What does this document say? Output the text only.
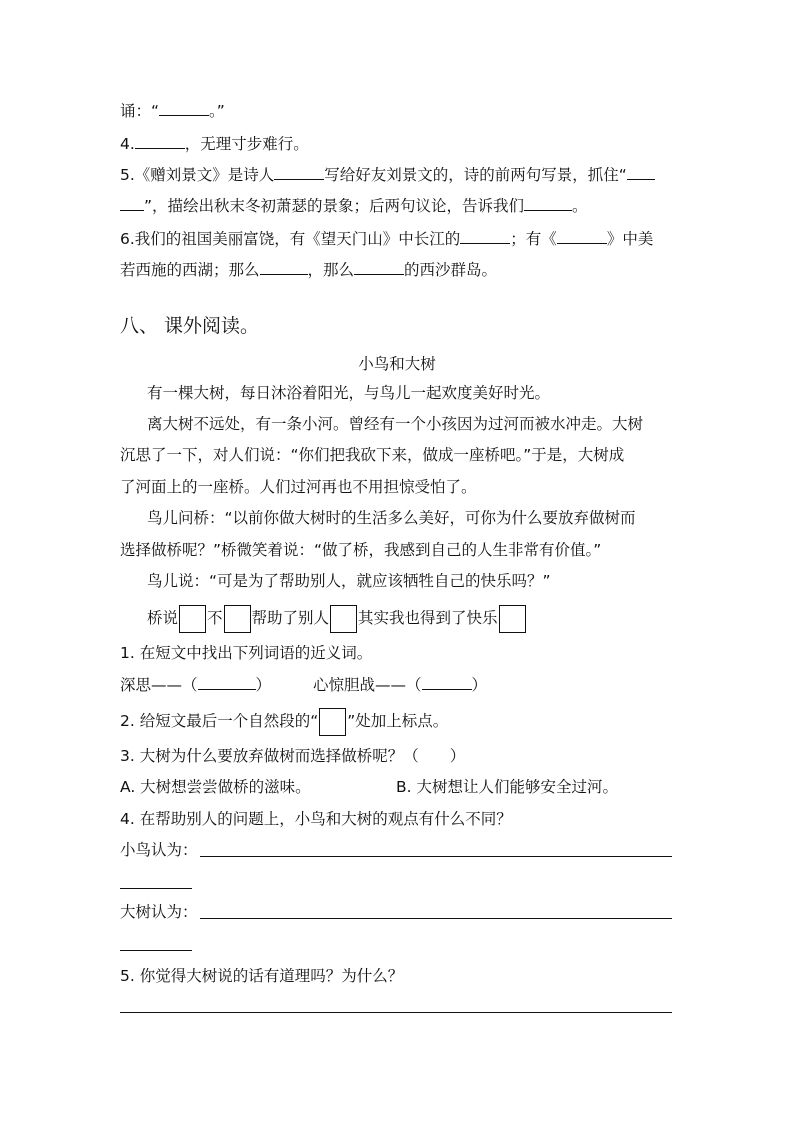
诵：“	。”
4.	，无理寸步难行。
5.《赠刘景文》是诗人	写给好友刘景文的，诗的前两句写景，抓住“
”，描绘出秋末冬初萧瑟的景象；后两句议论，告诉我们	。
6.我们的祖国美丽富饶，有《望天门山》中长江的	；有《	》中美
若西施的西湖；那么	，那么	的西沙群岛。
八、 课外阅读。
小鸟和大树
有一棵大树，每日沐浴着阳光，与鸟儿一起欢度美好时光。
离大树不远处，有一条小河。曾经有一个小孩因为过河而被水冲走。大树
沉思了一下，对人们说：“你们把我砍下来，做成一座桥吧。”于是，大树成
了河面上的一座桥。人们过河再也不用担惊受怕了。
鸟儿问桥：“以前你做大树时的生活多么美好，可你为什么要放弃做树而
选择做桥呢？”桥微笑着说：“做了桥，我感到自己的人生非常有价值。”
鸟儿说：“可是为了帮助别人，就应该牺牲自己的快乐吗？”
桥说 不 帮助了别人 其实我也得到了快乐
1. 在短文中找出下列词语的近义词。
深思——（	）	心惊胆战——（	）
2. 给短文最后一个自然段的“ ”处加上标点。
3. 大树为什么要放弃做树而选择做桥呢？（　　）
A. 大树想尝尝做桥的滋味。	B. 大树想让人们能够安全过河。
4. 在帮助别人的问题上，小鸟和大树的观点有什么不同？
小鸟认为：
大树认为：
5. 你觉得大树说的话有道理吗？为什么？
